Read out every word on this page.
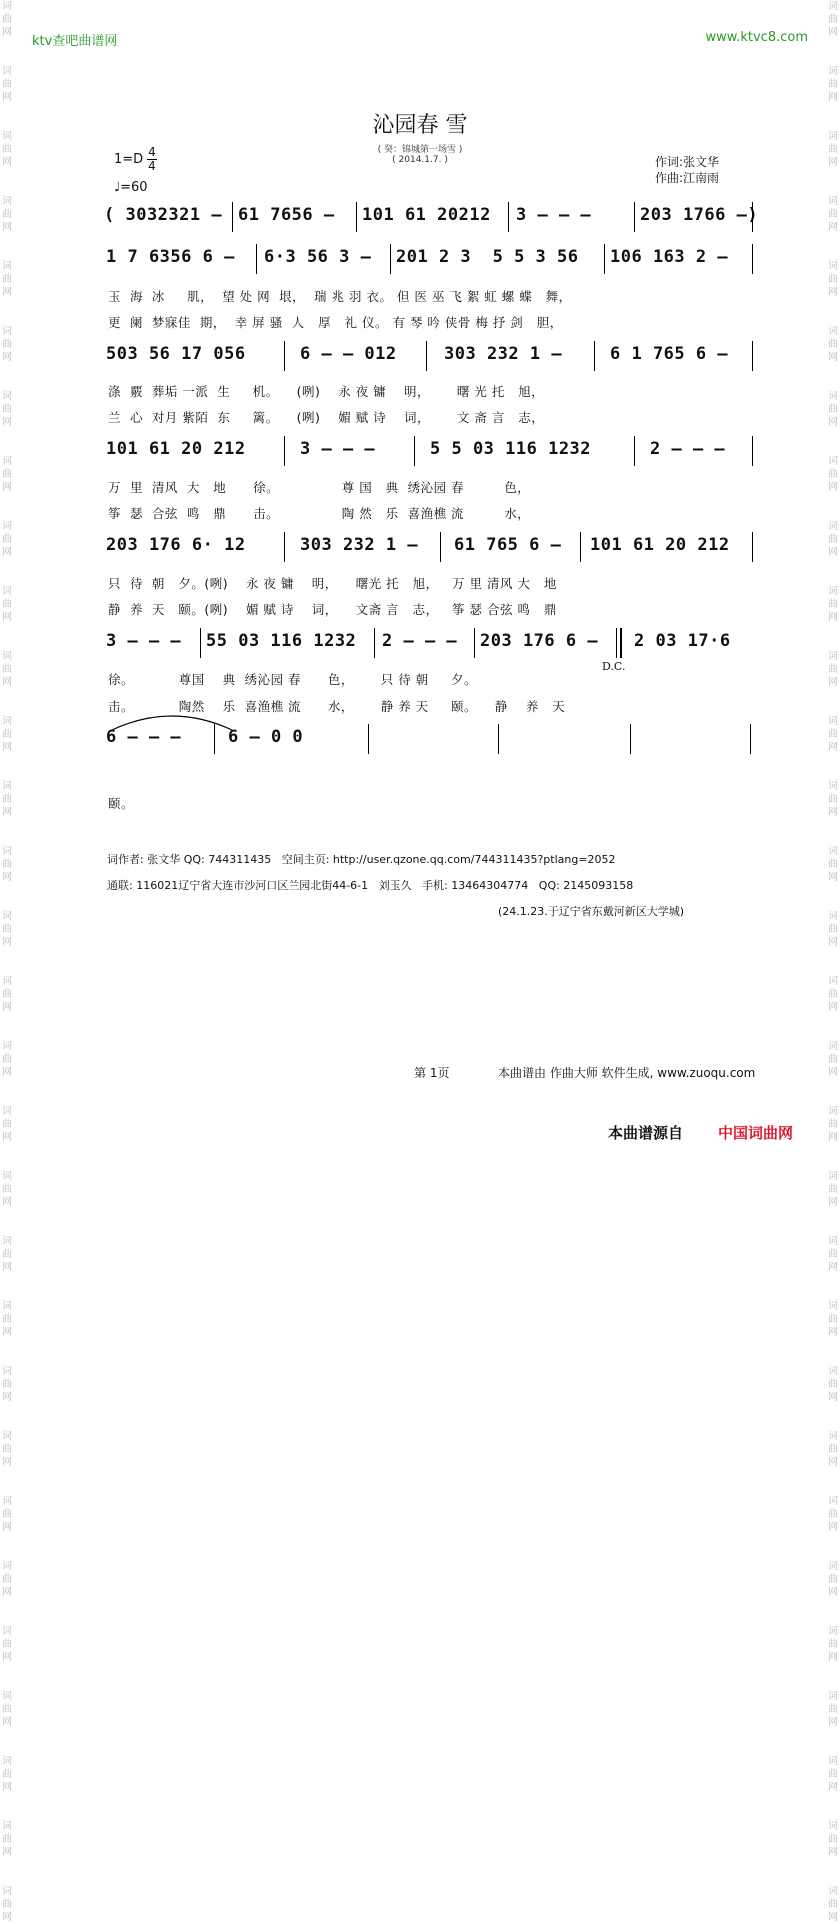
词
曲
网

词
曲
网

词
曲
网

词
曲
网

词
曲
网

词
曲
网

词
曲
网

词
曲
网

词
曲
网

词
曲
网

词
曲
网

词
曲
网

词
曲
网

词
曲
网

词
曲
网

词
曲
网

词
曲
网

词
曲
网

词
曲
网

词
曲
网

词
曲
网

词
曲
网

词
曲
网

词
曲
网

词
曲
网

词
曲
网

词
曲
网

词
曲
网

词
曲
网

词
曲
网

词
曲
网

词
曲
网

词
曲
网

词
曲
网

词
曲
网

词
曲
网

词
曲
网

词
曲
网

词
曲
网

词
曲
网

词
曲
网

词
曲
网

词
曲
网

词
曲
网

词
曲
网

词
曲
网

词
曲
网

词
曲
网

词
曲
网

词
曲
网

词
曲
网

词
曲
网

词
曲
网

词
曲
网

词
曲
网

词
曲
网

词
曲
网

词
曲
网

词
曲
网

词
曲
网

ktv查吧曲谱网	www.ktvc8.com
沁园春 雪
( 癸：锦城第一场雪 )
( 2014.1.7. )
1=D 4
4
♩=60
作词:张文华
作曲:江南雨
( 3032321 – 61 7656 – 101 61 20212 3 – – –	203 1766 –)
1 7 6356 6 – 6·3 56 3 – 201 2 3  5 5 3 56 106 163 2 –
玉  海  冰     肌，  望 处 网  垠，  瑞 兆 羽 衣。 但 医 巫 飞 絮 虹 螺 蝶   舞，
更  阑  梦寐佳  期，  幸 屏 骚  人   厚   礼 仪。 有 琴 吟 侠骨 梅 抒 剑   胆，
503 56 17 056	6 – – 012	303 232 1 –	6 1 765 6 –
涤  覈  葬垢 一派  生     机。    (咧)    永 夜 镛    明，      曙 光 托   旭，
兰  心  对月 紫陌  东     篱。    (咧)    媚 赋 诗    词，      文 斋 言   志，
101 61 20 212	3 – – –	5 5 03 116 1232	2 – – –
万  里  清风  大   地      徐。              尊 国   典  绣沁园 春         色，
筝  瑟  合弦  鸣   鼎      击。              陶 然   乐  喜渔樵 流         水，
203 176 6· 12	303 232 1 – 61 765 6 – 101 61 20 212
只  待  朝   夕。(咧)    永 夜 镛    明，    曙光 托   旭，   万 里 清风 大   地
静  养  天   颐。(咧)    媚 赋 诗    词，    文斋 言   志，   筝 瑟 合弦 鸣   鼎
3 – – – 55 03 116 1232 2 – – – 203 176 6 – 2 03 17·6
D.C.
徐。          尊国    典  绣沁园 春      色，      只 待 朝     夕。
击。          陶然    乐  喜渔樵 流      水，      静 养 天     颐。    静    养   天
6 – – –	6 – 0 0
颐。
词作者: 张文华 QQ: 744311435   空间主页: http://user.qzone.qq.com/744311435?ptlang=2052
通联: 116021辽宁省大连市沙河口区兰园北街44-6-1   刘玉久   手机: 13464304774   QQ: 2145093158
(24.1.23.于辽宁省东戴河新区大学城)
第 1页	本曲谱由 作曲大师 软件生成, www.zuoqu.com
本曲谱源自 中国词曲网
